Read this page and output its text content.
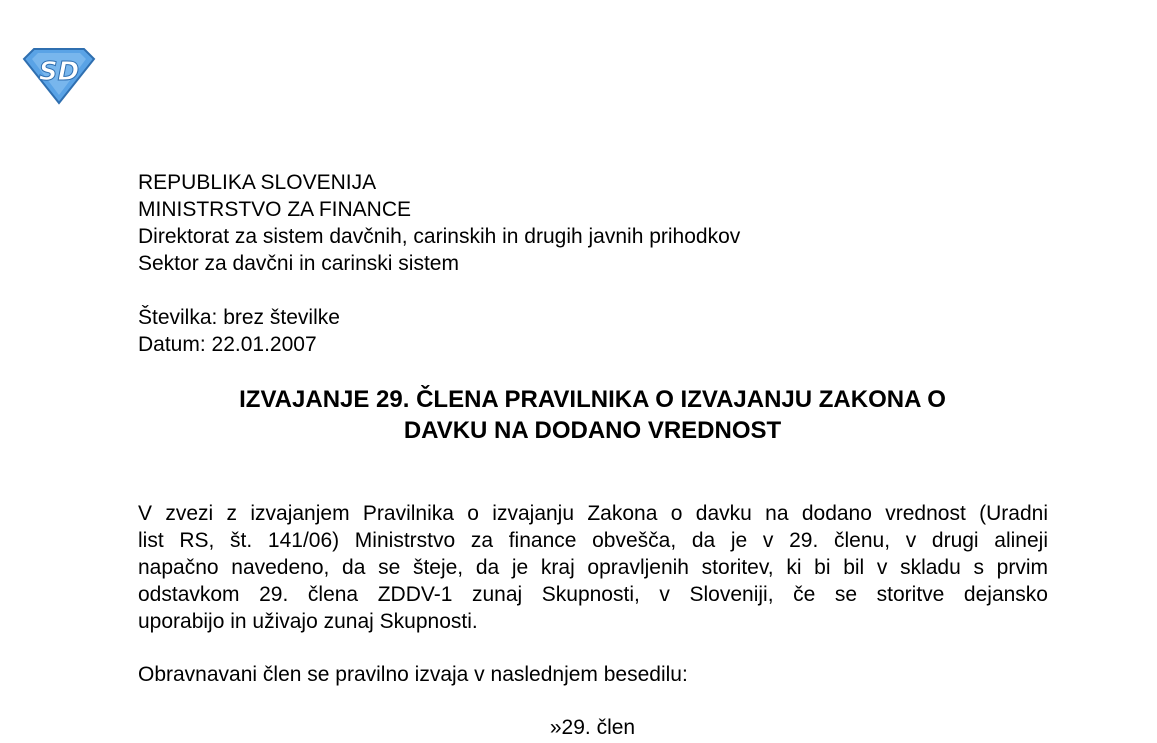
SD
REPUBLIKA SLOVENIJA
MINISTRSTVO ZA FINANCE
Direktorat za sistem davčnih, carinskih in drugih javnih prihodkov
Sektor za davčni in carinski sistem
Številka: brez številke
Datum: 22.01.2007
IZVAJANJE 29. ČLENA PRAVILNIKA O IZVAJANJU ZAKONA O
DAVKU NA DODANO VREDNOST
V zvezi z izvajanjem Pravilnika o izvajanju Zakona o davku na dodano vrednost (Uradni
list RS, št. 141/06) Ministrstvo za finance obvešča, da je v 29. členu, v drugi alineji
napačno navedeno, da se šteje, da je kraj opravljenih storitev, ki bi bil v skladu s prvim
odstavkom 29. člena ZDDV-1 zunaj Skupnosti, v Sloveniji, če se storitve dejansko
uporabijo in uživajo zunaj Skupnosti.
Obravnavani člen se pravilno izvaja v naslednjem besedilu:
»29. člen
